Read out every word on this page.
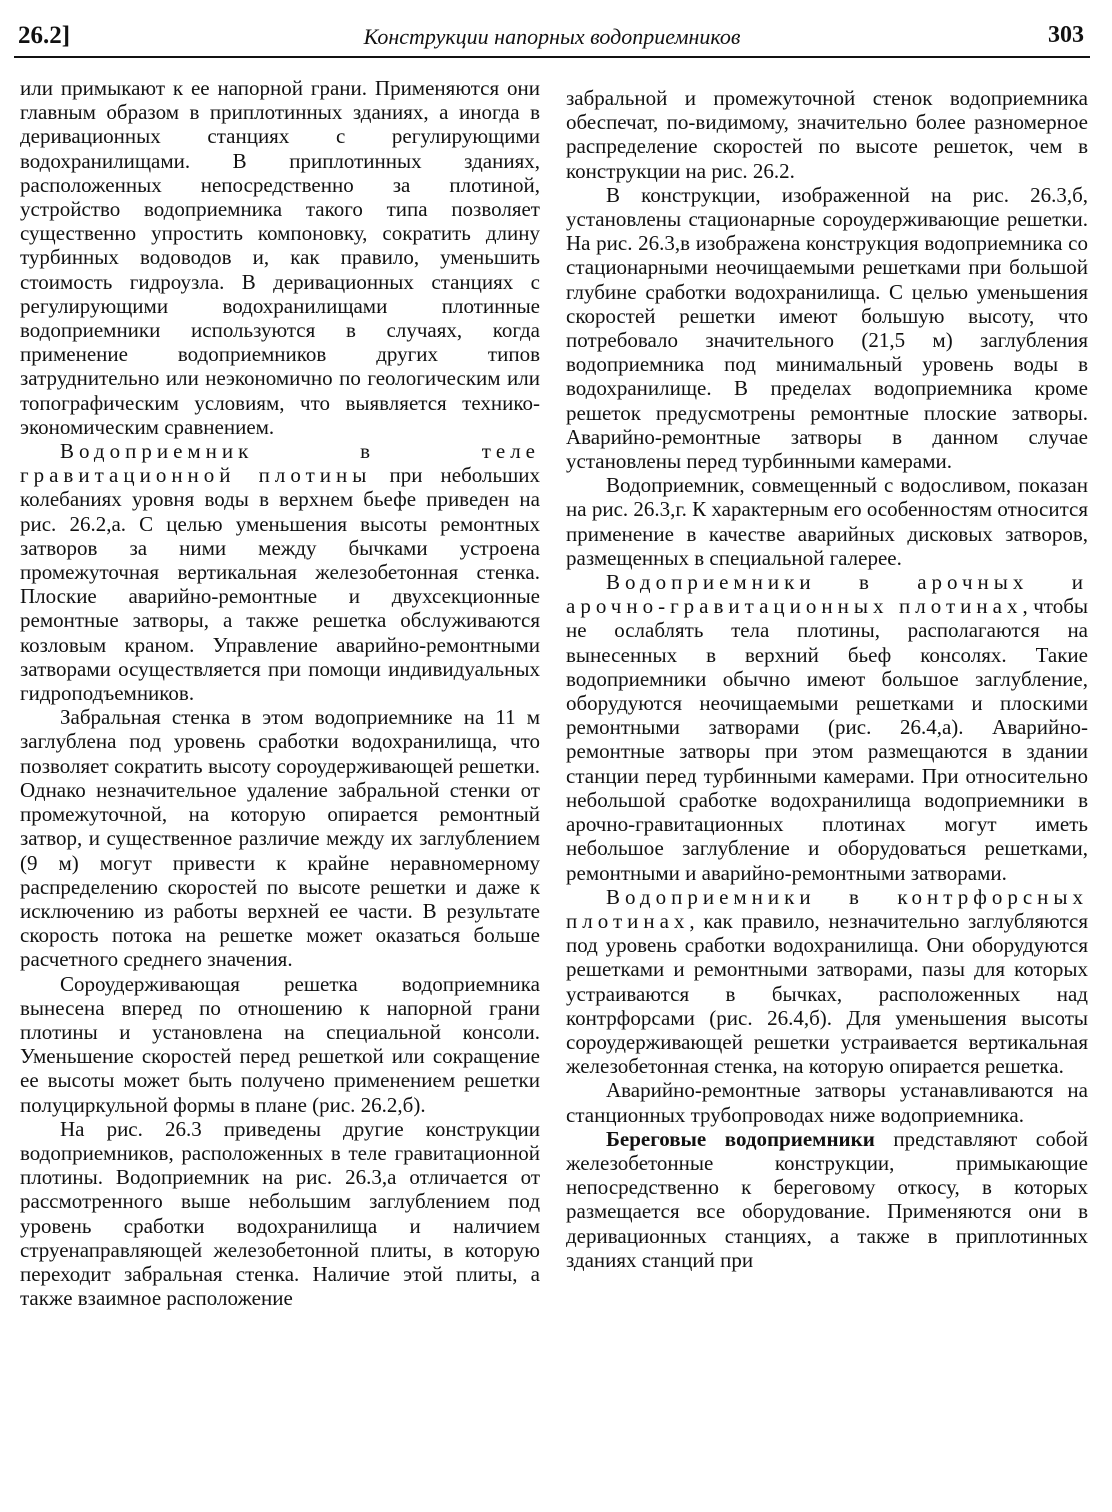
26.2]	Конструкции напорных водоприемников	303

или примыкают к ее напорной грани. Применяются они главным образом в приплотинных зданиях, а иногда в деривационных станциях с регулирующими водохранилищами. В приплотинных зданиях, расположенных непосредственно за плотиной, устройство водоприемника такого типа позволяет существенно упростить компоновку, сократить длину турбинных водоводов и, как правило, уменьшить стоимость гидроузла. В деривационных станциях с регулирующими водохранилищами плотинные водоприемники используются в случаях, когда применение водоприемников других типов затруднительно или неэкономично по геологическим или топографическим условиям, что выявляется технико-экономическим сравнением.

Водоприемник в теле гравитационной плотины при небольших колебаниях уровня воды в верхнем бьефе приведен на рис. 26.2,а. С целью уменьшения высоты ремонтных затворов за ними между бычками устроена промежуточная вертикальная железобетонная стенка. Плоские аварийно-ремонтные и двухсекционные ремонтные затворы, а также решетка обслуживаются козловым краном. Управление аварийно-ремонтными затворами осуществляется при помощи индивидуальных гидроподъемников.

Забральная стенка в этом водоприемнике на 11 м заглублена под уровень сработки водохранилища, что позволяет сократить высоту сороудерживающей решетки. Однако незначительное удаление забральной стенки от промежуточной, на которую опирается ремонтный затвор, и существенное различие между их заглублением (9 м) могут привести к крайне неравномерному распределению скоростей по высоте решетки и даже к исключению из работы верхней ее части. В результате скорость потока на решетке может оказаться больше расчетного среднего значения.

Сороудерживающая решетка водоприемника вынесена вперед по отношению к напорной грани плотины и установлена на специальной консоли. Уменьшение скоростей перед решеткой или сокращение ее высоты может быть получено применением решетки полуциркульной формы в плане (рис. 26.2,б).

На рис. 26.3 приведены другие конструкции водоприемников, расположенных в теле гравитационной плотины. Водоприемник на рис. 26.3,а отличается от рассмотренного выше небольшим заглублением под уровень сработки водохранилища и наличием струенаправляющей железобетонной плиты, в которую переходит забральная стенка. Наличие этой плиты, а также взаимное расположение

забральной и промежуточной стенок водоприемника обеспечат, по-видимому, значительно более разномерное распределение скоростей по высоте решеток, чем в конструкции на рис. 26.2.

В конструкции, изображенной на рис. 26.3,б, установлены стационарные сороудерживающие решетки. На рис. 26.3,в изображена конструкция водоприемника со стационарными неочищаемыми решетками при большой глубине сработки водохранилища. С целью уменьшения скоростей решетки имеют большую высоту, что потребовало значительного (21,5 м) заглубления водоприемника под минимальный уровень воды в водохранилище. В пределах водоприемника кроме решеток предусмотрены ремонтные плоские затворы. Аварийно-ремонтные затворы в данном случае установлены перед турбинными камерами.

Водоприемник, совмещенный с водосливом, показан на рис. 26.3,г. К характерным его особенностям относится применение в качестве аварийных дисковых затворов, размещенных в специальной галерее.

Водоприемники в арочных и арочно-гравитационных плотинах, чтобы не ослаблять тела плотины, располагаются на вынесенных в верхний бьеф консолях. Такие водоприемники обычно имеют большое заглубление, оборудуются неочищаемыми решетками и плоскими ремонтными затворами (рис. 26.4,а). Аварийно-ремонтные затворы при этом размещаются в здании станции перед турбинными камерами. При относительно небольшой сработке водохранилища водоприемники в арочно-гравитационных плотинах могут иметь небольшое заглубление и оборудоваться решетками, ремонтными и аварийно-ремонтными затворами.

Водоприемники в контрфорсных плотинах, как правило, незначительно заглубляются под уровень сработки водохранилища. Они оборудуются решетками и ремонтными затворами, пазы для которых устраиваются в бычках, расположенных над контрфорсами (рис. 26.4,б). Для уменьшения высоты сороудерживающей решетки устраивается вертикальная железобетонная стенка, на которую опирается решетка.

Аварийно-ремонтные затворы устанавливаются на станционных трубопроводах ниже водоприемника.

Береговые водоприемники представляют собой железобетонные конструкции, примыкающие непосредственно к береговому откосу, в которых размещается все оборудование. Применяются они в деривационных станциях, а также в приплотинных зданиях станций при
